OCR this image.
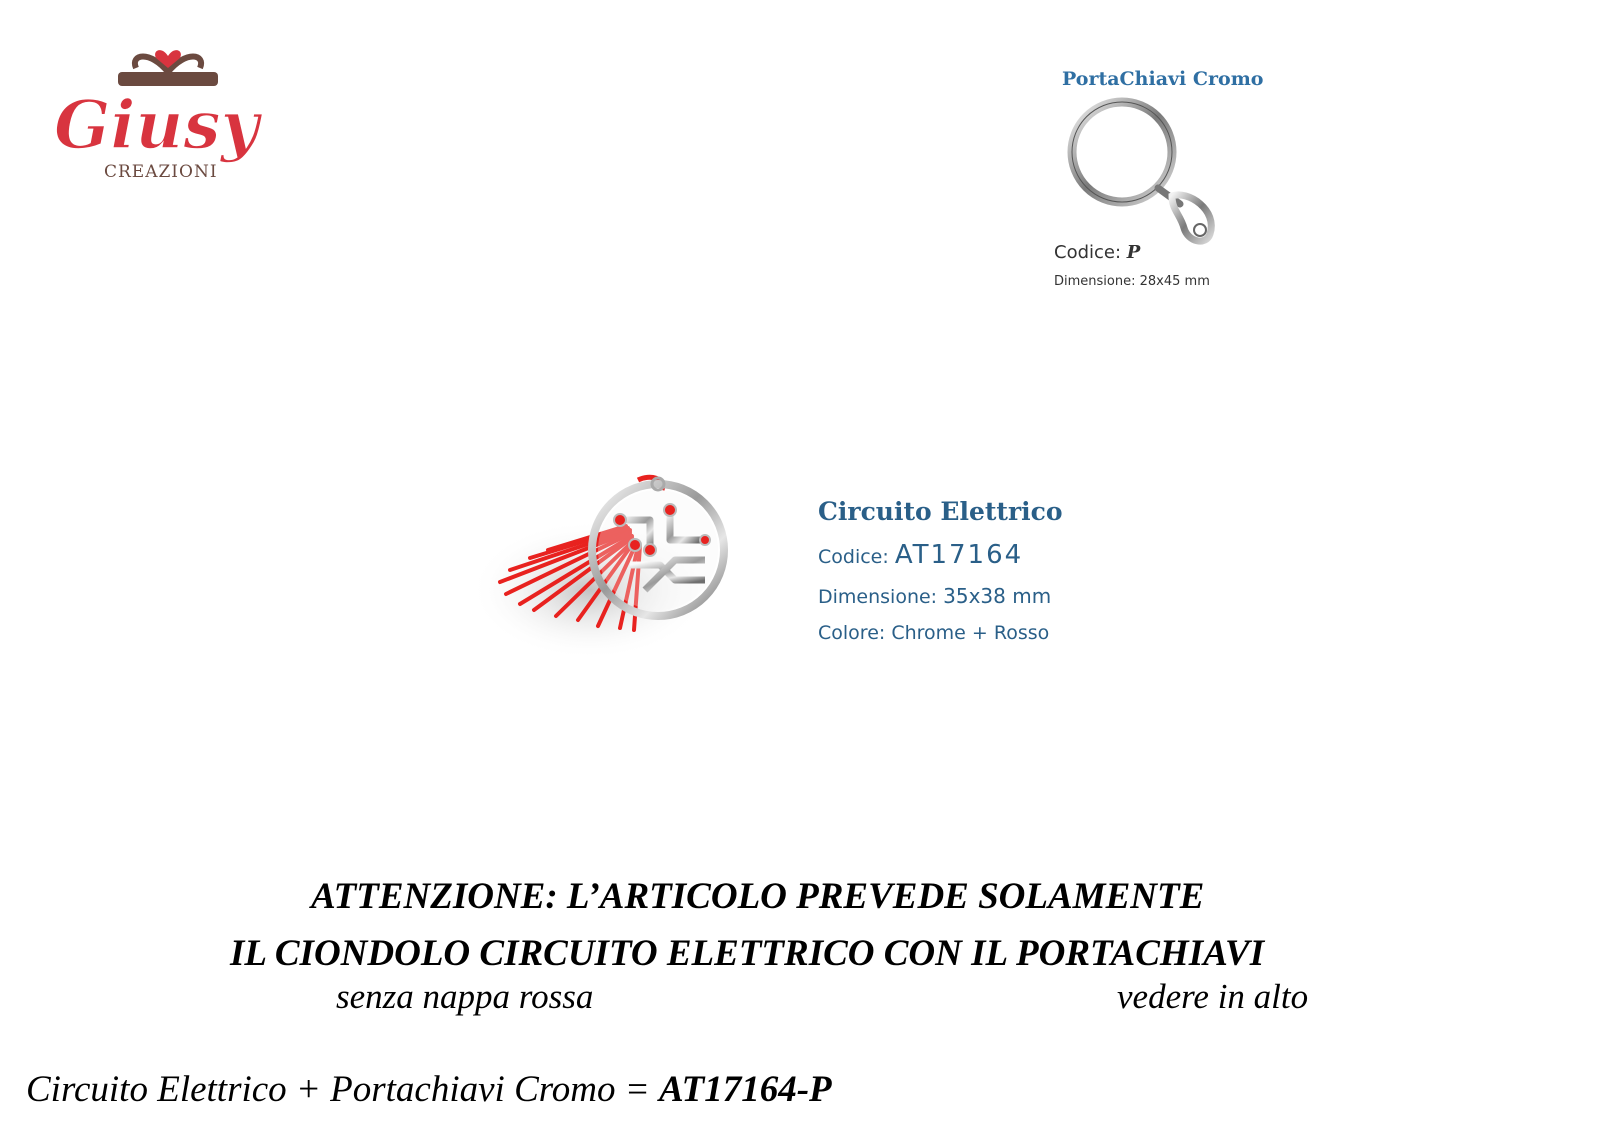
Giusy
CREAZIONI
PortaChiavi Cromo
Codice: P
Dimensione: 28x45 mm
Circuito Elettrico
Codice: AT17164
Dimensione: 35x38 mm
Colore: Chrome + Rosso
ATTENZIONE: L’ARTICOLO PREVEDE SOLAMENTE
IL CIONDOLO CIRCUITO ELETTRICO CON IL PORTACHIAVI
senza nappa rossa	vedere in alto
Circuito Elettrico + Portachiavi Cromo = AT17164-P
